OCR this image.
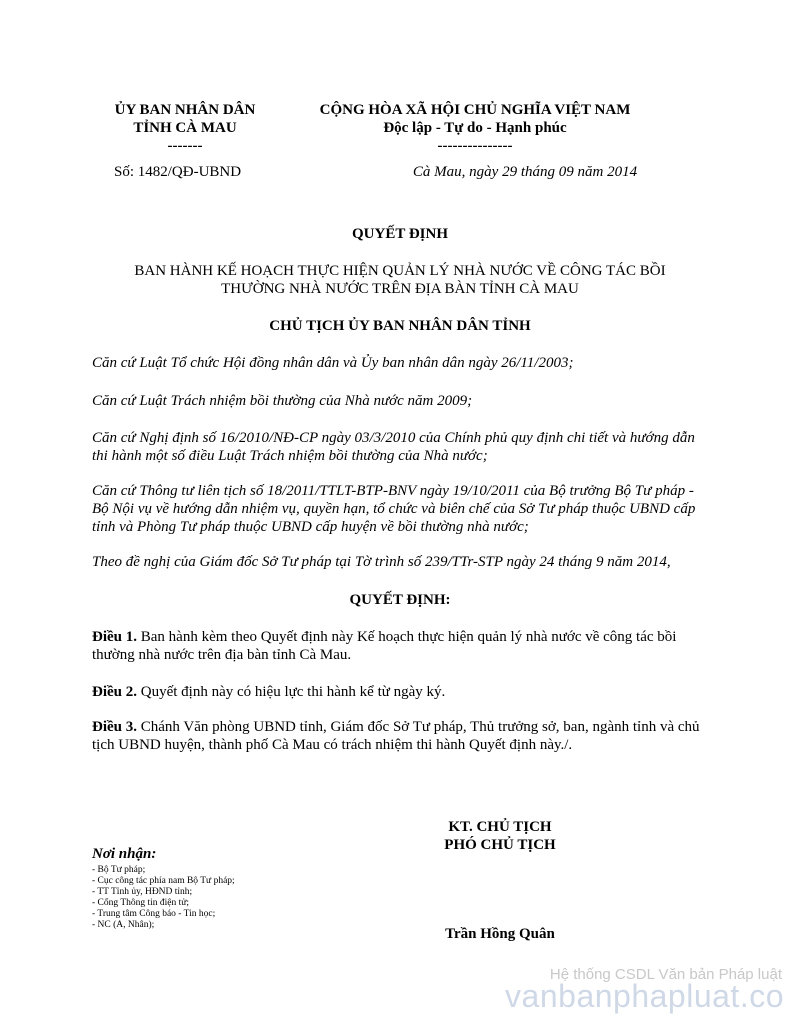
ỦY BAN NHÂN DÂN
TỈNH CÀ MAU
-------
CỘNG HÒA XÃ HỘI CHỦ NGHĨA VIỆT NAM
Độc lập - Tự do - Hạnh phúc
---------------
Số: 1482/QĐ-UBND	Cà Mau, ngày 29 tháng 09 năm 2014
QUYẾT ĐỊNH
BAN HÀNH KẾ HOẠCH THỰC HIỆN QUẢN LÝ NHÀ NƯỚC VỀ CÔNG TÁC BỒI
THƯỜNG NHÀ NƯỚC TRÊN ĐỊA BÀN TỈNH CÀ MAU
CHỦ TỊCH ỦY BAN NHÂN DÂN TỈNH
Căn cứ Luật Tổ chức Hội đồng nhân dân và Ủy ban nhân dân ngày 26/11/2003;
Căn cứ Luật Trách nhiệm bồi thường của Nhà nước năm 2009;
Căn cứ Nghị định số 16/2010/NĐ-CP ngày 03/3/2010 của Chính phủ quy định chi tiết và hướng dẫn thi hành một số điều Luật Trách nhiệm bồi thường của Nhà nước;
Căn cứ Thông tư liên tịch số 18/2011/TTLT-BTP-BNV ngày 19/10/2011 của Bộ trưởng Bộ Tư pháp - Bộ Nội vụ về hướng dẫn nhiệm vụ, quyền hạn, tổ chức và biên chế của Sở Tư pháp thuộc UBND cấp tỉnh và Phòng Tư pháp thuộc UBND cấp huyện về bồi thường nhà nước;
Theo đề nghị của Giám đốc Sở Tư pháp tại Tờ trình số 239/TTr-STP ngày 24 tháng 9 năm 2014,
QUYẾT ĐỊNH:
Điều 1. Ban hành kèm theo Quyết định này Kế hoạch thực hiện quản lý nhà nước về công tác bồi thường nhà nước trên địa bàn tỉnh Cà Mau.
Điều 2. Quyết định này có hiệu lực thi hành kể từ ngày ký.
Điều 3. Chánh Văn phòng UBND tỉnh, Giám đốc Sở Tư pháp, Thủ trưởng sở, ban, ngành tỉnh và chủ tịch UBND huyện, thành phố Cà Mau có trách nhiệm thi hành Quyết định này./.
KT. CHỦ TỊCH
PHÓ CHỦ TỊCH
Trần Hồng Quân
Nơi nhận:
- Bộ Tư pháp;
- Cục công tác phía nam Bộ Tư pháp;
- TT Tỉnh ủy, HĐND tỉnh;
- Cổng Thông tin điện tử;
- Trung tâm Công báo - Tin học;
- NC (A, Nhân);
Hệ thống CSDL Văn bản Pháp luật
vanbanphapluat.co
